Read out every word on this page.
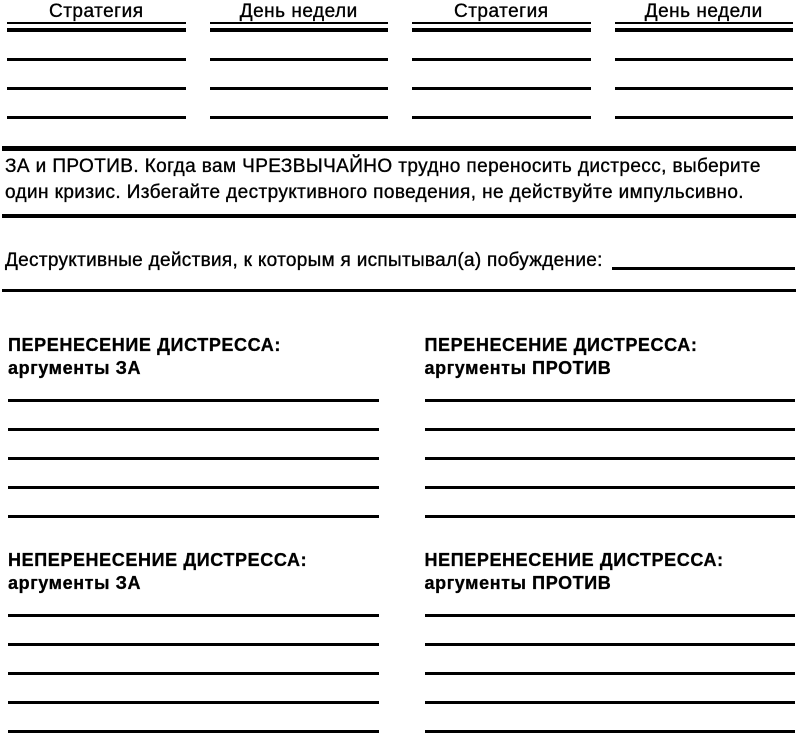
Стратегия	День недели	Стратегия	День недели
ЗА и ПРОТИВ. Когда вам ЧРЕЗВЫЧАЙНО трудно переносить дистресс, выберите
один кризис. Избегайте деструктивного поведения, не действуйте импульсивно.
Деструктивные действия, к которым я испытывал(а) побуждение:
ПЕРЕНЕСЕНИЕ ДИСТРЕССА:
аргументы ЗА
ПЕРЕНЕСЕНИЕ ДИСТРЕССА:
аргументы ПРОТИВ
НЕПЕРЕНЕСЕНИЕ ДИСТРЕССА:
аргументы ЗА
НЕПЕРЕНЕСЕНИЕ ДИСТРЕССА:
аргументы ПРОТИВ
